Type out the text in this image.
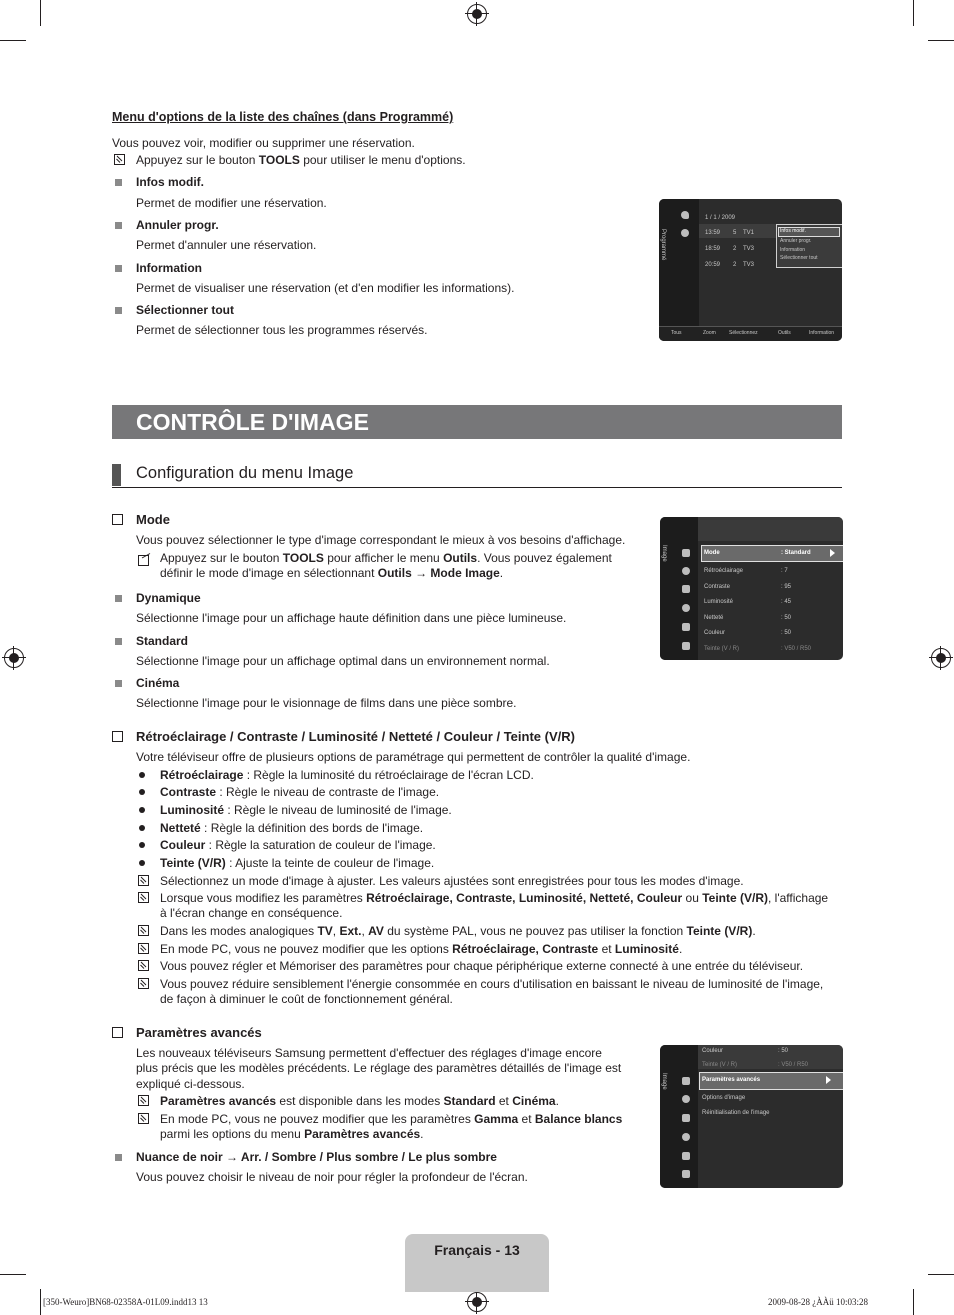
Menu d'options de la liste des chaînes (dans Programmé)
Vous pouvez voir, modifier ou supprimer une réservation.
Appuyez sur le bouton TOOLS pour utiliser le menu d'options.
Infos modif.
Permet de modifier une réservation.
Annuler progr.
Permet d'annuler une réservation.
Information
Permet de visualiser une réservation (et d'en modifier les informations).
Sélectionner tout
Permet de sélectionner tous les programmes réservés.
Programmé
1 / 1 / 2009
13:59 5 TV1
18:59 2 TV3
20:59 2 TV3
Infos modif.
Annuler progr.
Information
Sélectionner tout
Tous	Zoom	Sélectionnez	Outils	Information
CONTRÔLE D'IMAGE
Configuration du menu Image
Mode
Vous pouvez sélectionner le type d'image correspondant le mieux à vos besoins d'affichage.
Appuyez sur le bouton TOOLS pour afficher le menu Outils. Vous pouvez également
définir le mode d'image en sélectionnant Outils → Mode Image.
Dynamique
Sélectionne l'image pour un affichage haute définition dans une pièce lumineuse.
Standard
Sélectionne l'image pour un affichage optimal dans un environnement normal.
Cinéma
Sélectionne l'image pour le visionnage de films dans une pièce sombre.
Image	Mode	: Standard
Rétroéclairage	: 7
Contraste	: 95
Luminosité	: 45
Netteté	: 50
Couleur	: 50
Teinte (V / R)	: V50 / R50
Rétroéclairage / Contraste / Luminosité / Netteté / Couleur / Teinte (V/R)
Votre téléviseur offre de plusieurs options de paramétrage qui permettent de contrôler la qualité d'image.
Rétroéclairage : Règle la luminosité du rétroéclairage de l'écran LCD.
Contraste : Règle le niveau de contraste de l'image.
Luminosité : Règle le niveau de luminosité de l'image.
Netteté : Règle la définition des bords de l'image.
Couleur : Règle la saturation de couleur de l'image.
Teinte (V/R) : Ajuste la teinte de couleur de l'image.
Sélectionnez un mode d'image à ajuster. Les valeurs ajustées sont enregistrées pour tous les modes d'image.
Lorsque vous modifiez les paramètres Rétroéclairage, Contraste, Luminosité, Netteté, Couleur ou Teinte (V/R), l'affichage
à l'écran change en conséquence.
Dans les modes analogiques TV, Ext., AV du système PAL, vous ne pouvez pas utiliser la fonction Teinte (V/R).
En mode PC, vous ne pouvez modifier que les options Rétroéclairage, Contraste et Luminosité.
Vous pouvez régler et Mémoriser des paramètres pour chaque périphérique externe connecté à une entrée du téléviseur.
Vous pouvez réduire sensiblement l'énergie consommée en cours d'utilisation en baissant le niveau de luminosité de l'image,
de façon à diminuer le coût de fonctionnement général.
Paramètres avancés
Les nouveaux téléviseurs Samsung permettent d'effectuer des réglages d'image encore
plus précis que les modèles précédents. Le réglage des paramètres détaillés de l'image est
expliqué ci-dessous.
Paramètres avancés est disponible dans les modes Standard et Cinéma.
En mode PC, vous ne pouvez modifier que les paramètres Gamma et Balance blancs
parmi les options du menu Paramètres avancés.
Nuance de noir → Arr. / Sombre / Plus sombre / Le plus sombre
Vous pouvez choisir le niveau de noir pour régler la profondeur de l'écran.
Image
Couleur	: 50
Teinte (V / R)	: V50 / R50
Paramètres avancés
Options d'image
Réinitialisation de l'image
Français - 13
[350-Weuro]BN68-02358A-01L09.indd13 13	2009-08-28 ¿ÀÀü 10:03:28
